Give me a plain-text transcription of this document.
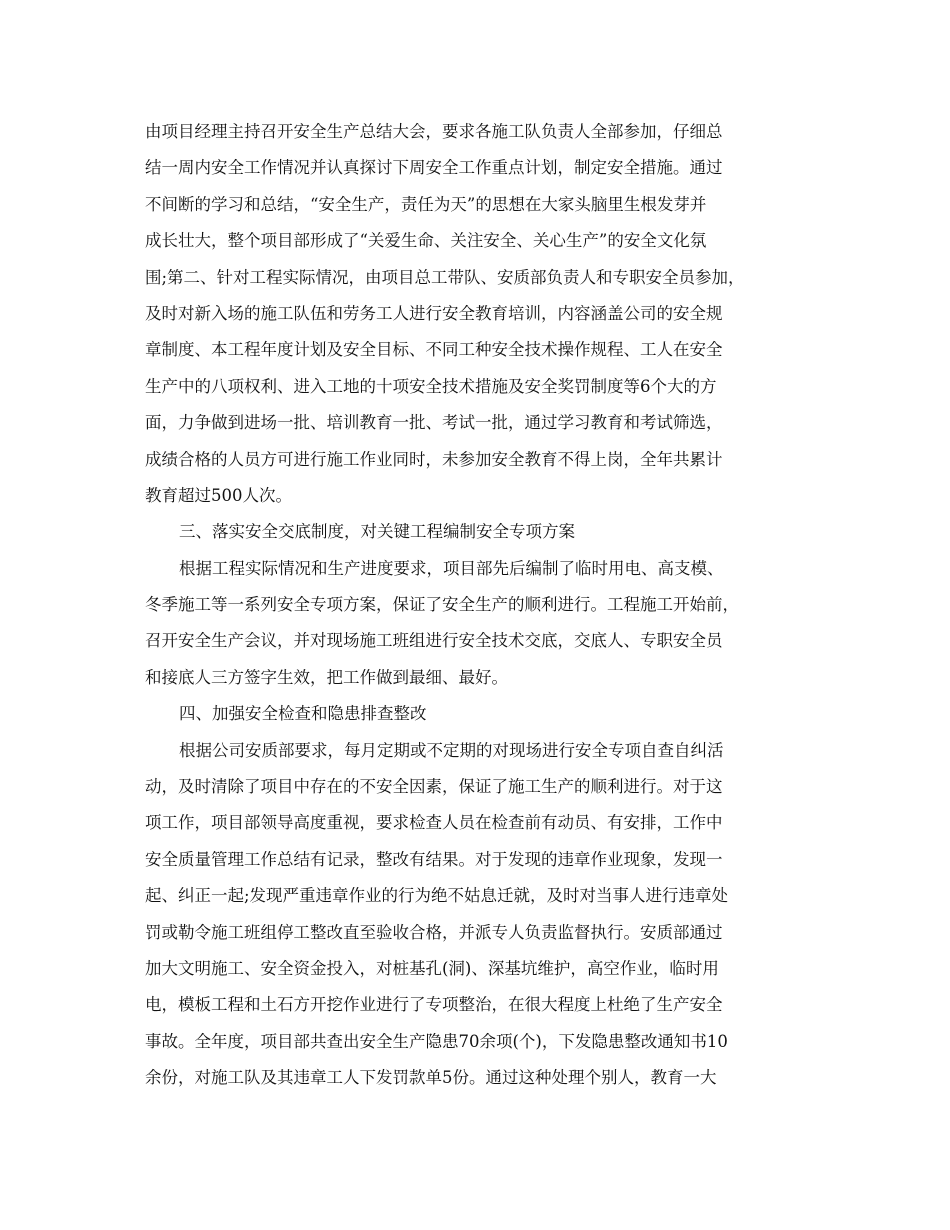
由项目经理主持召开安全生产总结大会，要求各施工队负责人全部参加，仔细总
结一周内安全工作情况并认真探讨下周安全工作重点计划，制定安全措施。通过
不间断的学习和总结，“安全生产，责任为天”的思想在大家头脑里生根发芽并
成长壮大，整个项目部形成了“关爱生命、关注安全、关心生产”的安全文化氛
围;第二、针对工程实际情况，由项目总工带队、安质部负责人和专职安全员参加，
及时对新入场的施工队伍和劳务工人进行安全教育培训，内容涵盖公司的安全规
章制度、本工程年度计划及安全目标、不同工种安全技术操作规程、工人在安全
生产中的八项权利、进入工地的十项安全技术措施及安全奖罚制度等6个大的方
面，力争做到进场一批、培训教育一批、考试一批，通过学习教育和考试筛选，
成绩合格的人员方可进行施工作业同时，未参加安全教育不得上岗，全年共累计
教育超过500人次。
三、落实安全交底制度，对关键工程编制安全专项方案
根据工程实际情况和生产进度要求，项目部先后编制了临时用电、高支模、
冬季施工等一系列安全专项方案，保证了安全生产的顺利进行。工程施工开始前，
召开安全生产会议，并对现场施工班组进行安全技术交底，交底人、专职安全员
和接底人三方签字生效，把工作做到最细、最好。
四、加强安全检查和隐患排查整改
根据公司安质部要求，每月定期或不定期的对现场进行安全专项自查自纠活
动，及时清除了项目中存在的不安全因素，保证了施工生产的顺利进行。对于这
项工作，项目部领导高度重视，要求检查人员在检查前有动员、有安排，工作中
安全质量管理工作总结有记录，整改有结果。对于发现的违章作业现象，发现一
起、纠正一起;发现严重违章作业的行为绝不姑息迁就，及时对当事人进行违章处
罚或勒令施工班组停工整改直至验收合格，并派专人负责监督执行。安质部通过
加大文明施工、安全资金投入，对桩基孔(洞)、深基坑维护，高空作业，临时用
电，模板工程和土石方开挖作业进行了专项整治，在很大程度上杜绝了生产安全
事故。全年度，项目部共查出安全生产隐患70余项(个)，下发隐患整改通知书10
余份，对施工队及其违章工人下发罚款单5份。通过这种处理个别人，教育一大
